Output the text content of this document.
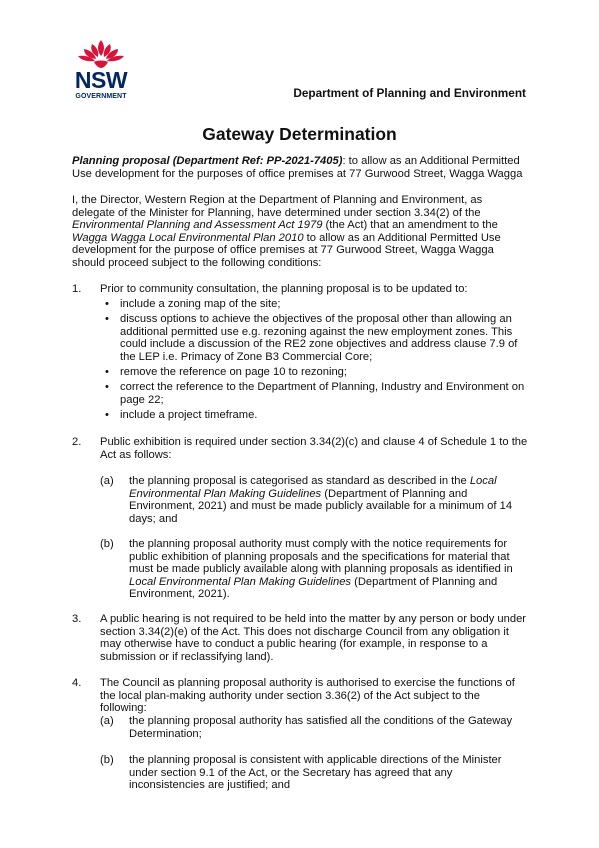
NSW
GOVERNMENT	Department of Planning and Environment
Gateway Determination
Planning proposal (Department Ref: PP-2021-7405): to allow as an Additional Permitted Use development for the purposes of office premises at 77 Gurwood Street, Wagga Wagga
I, the Director, Western Region at the Department of Planning and Environment, as delegate of the Minister for Planning, have determined under section 3.34(2) of the Environmental Planning and Assessment Act 1979 (the Act) that an amendment to the Wagga Wagga Local Environmental Plan 2010 to allow as an Additional Permitted Use development for the purpose of office premises at 77 Gurwood Street, Wagga Wagga should proceed subject to the following conditions:
1. Prior to community consultation, the planning proposal is to be updated to:
• include a zoning map of the site;
• discuss options to achieve the objectives of the proposal other than allowing an additional permitted use e.g. rezoning against the new employment zones. This could include a discussion of the RE2 zone objectives and address clause 7.9 of the LEP i.e. Primacy of Zone B3 Commercial Core;
• remove the reference on page 10 to rezoning;
• correct the reference to the Department of Planning, Industry and Environment on page 22;
• include a project timeframe.
2. Public exhibition is required under section 3.34(2)(c) and clause 4 of Schedule 1 to the Act as follows:
(a) the planning proposal is categorised as standard as described in the Local Environmental Plan Making Guidelines (Department of Planning and Environment, 2021) and must be made publicly available for a minimum of 14 days; and
(b) the planning proposal authority must comply with the notice requirements for public exhibition of planning proposals and the specifications for material that must be made publicly available along with planning proposals as identified in Local Environmental Plan Making Guidelines (Department of Planning and Environment, 2021).
3. A public hearing is not required to be held into the matter by any person or body under section 3.34(2)(e) of the Act. This does not discharge Council from any obligation it may otherwise have to conduct a public hearing (for example, in response to a submission or if reclassifying land).
4. The Council as planning proposal authority is authorised to exercise the functions of the local plan-making authority under section 3.36(2) of the Act subject to the following:
(a) the planning proposal authority has satisfied all the conditions of the Gateway Determination;
(b) the planning proposal is consistent with applicable directions of the Minister under section 9.1 of the Act, or the Secretary has agreed that any inconsistencies are justified; and
